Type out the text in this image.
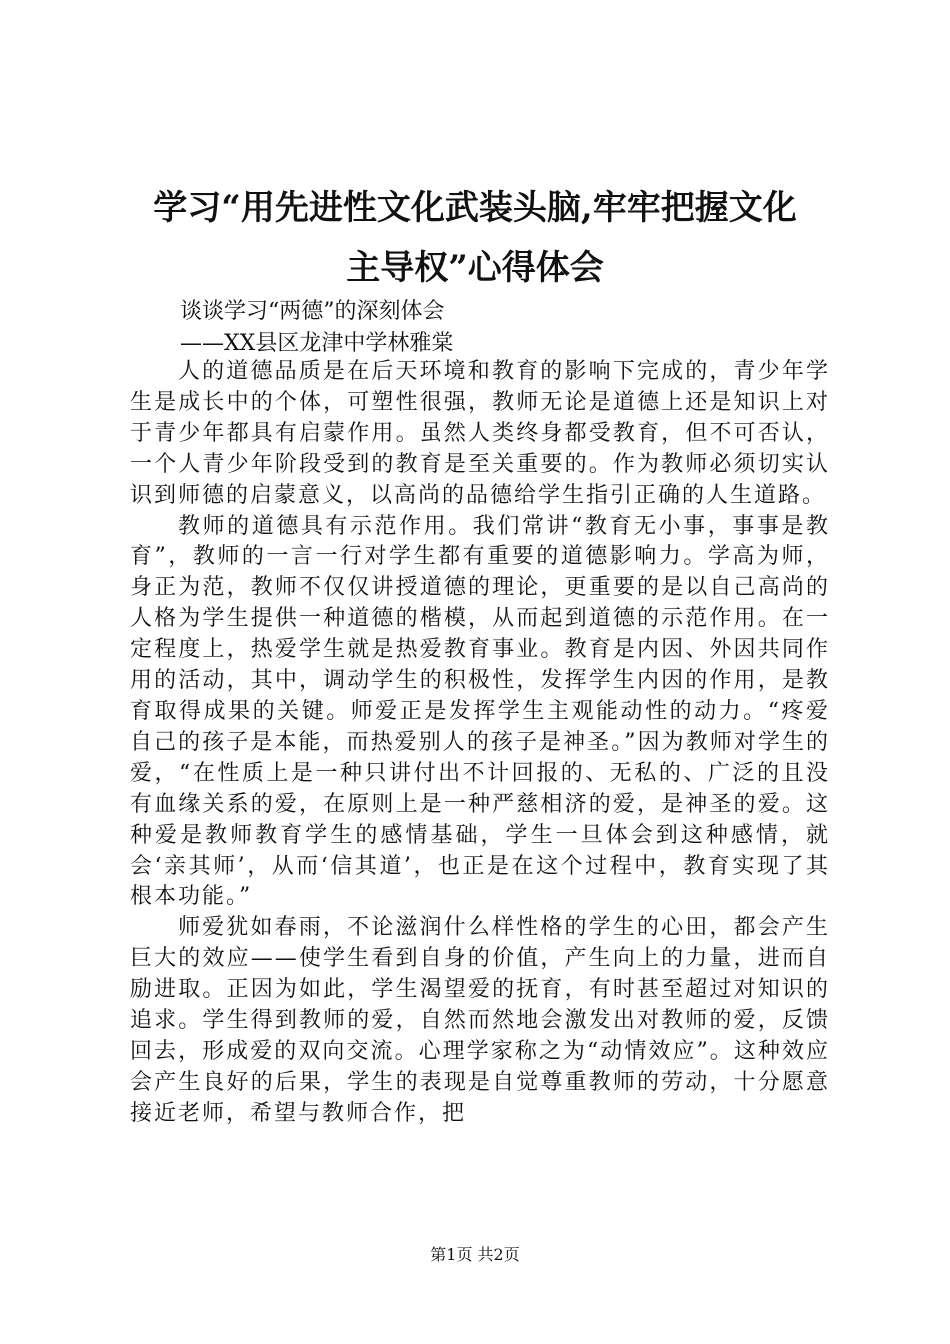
学习“用先进性文化武装头脑,牢牢把握文化
主导权”心得体会
谈谈学习“两德”的深刻体会
——XX县区龙津中学林雅棠

人的道德品质是在后天环境和教育的影响下完成的，青少年学生是成长中的个体，可塑性很强，教师无论是道德上还是知识上对于青少年都具有启蒙作用。虽然人类终身都受教育，但不可否认，一个人青少年阶段受到的教育是至关重要的。作为教师必须切实认识到师德的启蒙意义，以高尚的品德给学生指引正确的人生道路。

教师的道德具有示范作用。我们常讲“教育无小事，事事是教育”，教师的一言一行对学生都有重要的道德影响力。学高为师，身正为范，教师不仅仅讲授道德的理论，更重要的是以自己高尚的人格为学生提供一种道德的楷模，从而起到道德的示范作用。在一定程度上，热爱学生就是热爱教育事业。教育是内因、外因共同作用的活动，其中，调动学生的积极性，发挥学生内因的作用，是教育取得成果的关键。师爱正是发挥学生主观能动性的动力。“疼爱自己的孩子是本能，而热爱别人的孩子是神圣。”因为教师对学生的爱，“在性质上是一种只讲付出不计回报的、无私的、广泛的且没有血缘关系的爱，在原则上是一种严慈相济的爱，是神圣的爱。这种爱是教师教育学生的感情基础，学生一旦体会到这种感情，就会‘亲其师’，从而‘信其道’，也正是在这个过程中，教育实现了其根本功能。”

师爱犹如春雨，不论滋润什么样性格的学生的心田，都会产生巨大的效应——使学生看到自身的价值，产生向上的力量，进而自励进取。正因为如此，学生渴望爱的抚育，有时甚至超过对知识的追求。学生得到教师的爱，自然而然地会激发出对教师的爱，反馈回去，形成爱的双向交流。心理学家称之为“动情效应”。这种效应会产生良好的后果，学生的表现是自觉尊重教师的劳动，十分愿意接近老师，希望与教师合作，把

第1页 共2页
